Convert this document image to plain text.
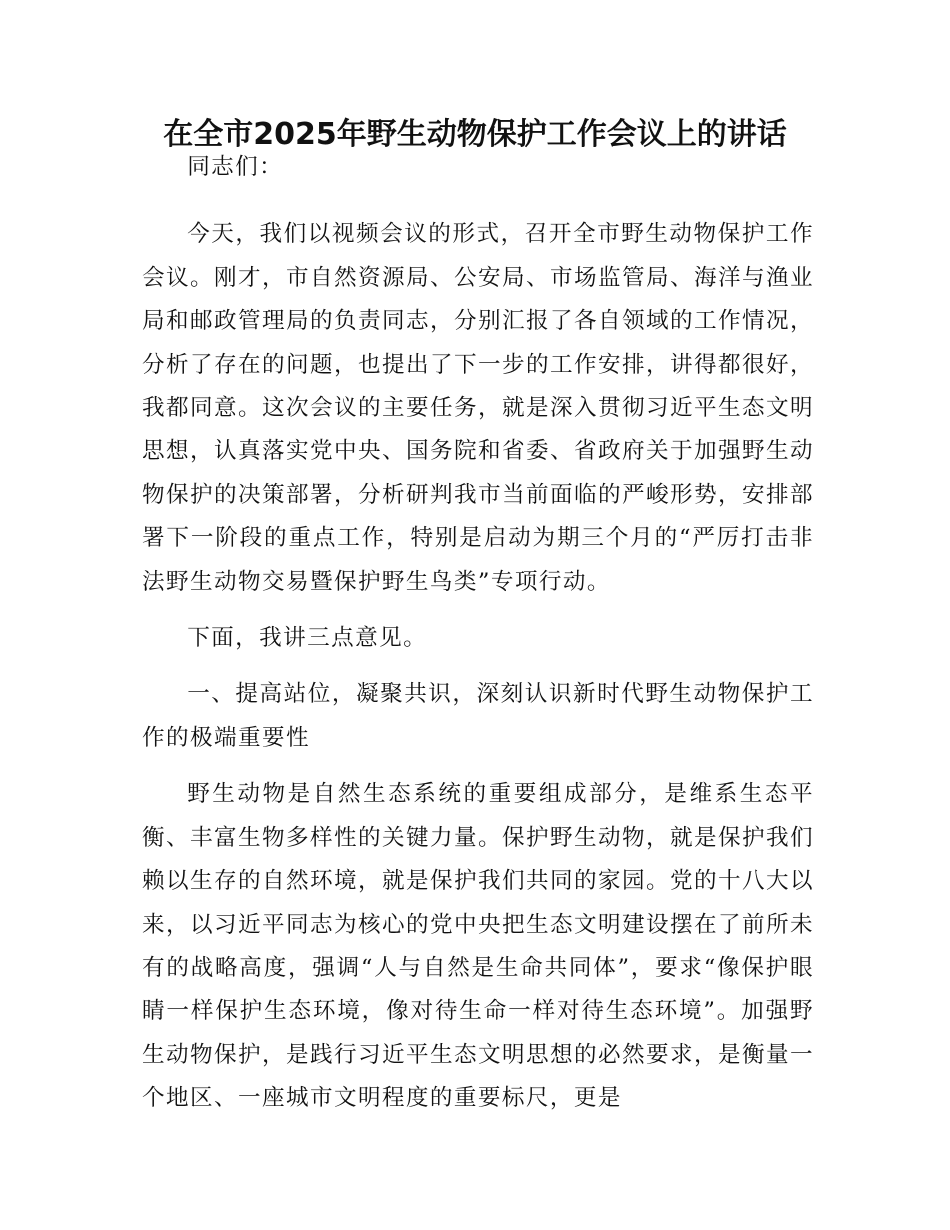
在全市2025年野生动物保护工作会议上的讲话

同志们：

今天，我们以视频会议的形式，召开全市野生动物保护工作会议。刚才，市自然资源局、公安局、市场监管局、海洋与渔业局和邮政管理局的负责同志，分别汇报了各自领域的工作情况，分析了存在的问题，也提出了下一步的工作安排，讲得都很好，我都同意。这次会议的主要任务，就是深入贯彻习近平生态文明思想，认真落实党中央、国务院和省委、省政府关于加强野生动物保护的决策部署，分析研判我市当前面临的严峻形势，安排部署下一阶段的重点工作，特别是启动为期三个月的“严厉打击非法野生动物交易暨保护野生鸟类”专项行动。

下面，我讲三点意见。

一、提高站位，凝聚共识，深刻认识新时代野生动物保护工作的极端重要性

野生动物是自然生态系统的重要组成部分，是维系生态平衡、丰富生物多样性的关键力量。保护野生动物，就是保护我们赖以生存的自然环境，就是保护我们共同的家园。党的十八大以来，以习近平同志为核心的党中央把生态文明建设摆在了前所未有的战略高度，强调“人与自然是生命共同体”，要求“像保护眼睛一样保护生态环境，像对待生命一样对待生态环境”。加强野生动物保护，是践行习近平生态文明思想的必然要求，是衡量一个地区、一座城市文明程度的重要标尺，更是
